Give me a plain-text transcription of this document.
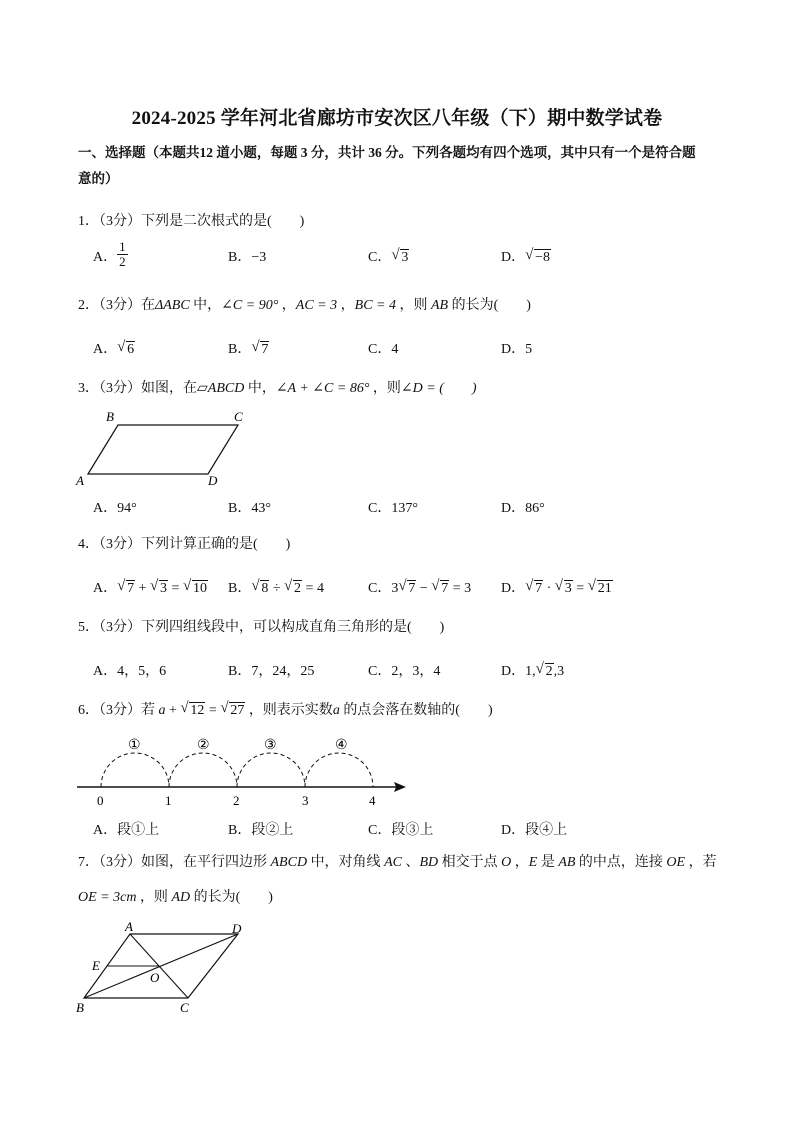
2024-2025 学年河北省廊坊市安次区八年级（下）期中数学试卷
一、选择题（本题共12 道小题，每题 3 分，共计 36 分。下列各题均有四个选项，其中只有一个是符合题
意的）
1．（3分）下列是二次根式的是(　　)
A． $\frac{1}{2}$	B．−3	C． √ 3	D． √ −8
2．（3分）在ΔABC 中，∠C = 90° ，AC = 3 ，BC = 4 ，则 AB 的长为(　　)
A． √ 6	B． √ 7	C．4	D．5
3．（3分）如图，在▱ABCD 中，∠A + ∠C = 86° ，则∠D = (　　)
B	C
A	D
A．94°	B．43°	C．137°	D．86°
4．（3分）下列计算正确的是(　　)
A． √ 7 + √ 3 = √ 10 B． √ 8 ÷ √ 2 = 4	C．3 √ 7 − √ 7 = 3 D． √ 7 · √ 3 = √ 21
5．（3分）下列四组线段中，可以构成直角三角形的是(　　)
A．4，5，6	B．7，24，25	C．2，3，4	D．1, √ 2,3
6．（3分）若 a + √ 12 = √ 27 ，则表示实数a 的点会落在数轴的(　　)
①	②	③	④
0	1	2	3	4
A．段①上	B．段②上	C．段③上	D．段④上
7．（3分）如图，在平行四边形 ABCD 中，对角线 AC 、BD 相交于点 O ，E 是 AB 的中点，连接 OE ，若
OE = 3cm ，则 AD 的长为(　　)
A	D
E
O
B	C
